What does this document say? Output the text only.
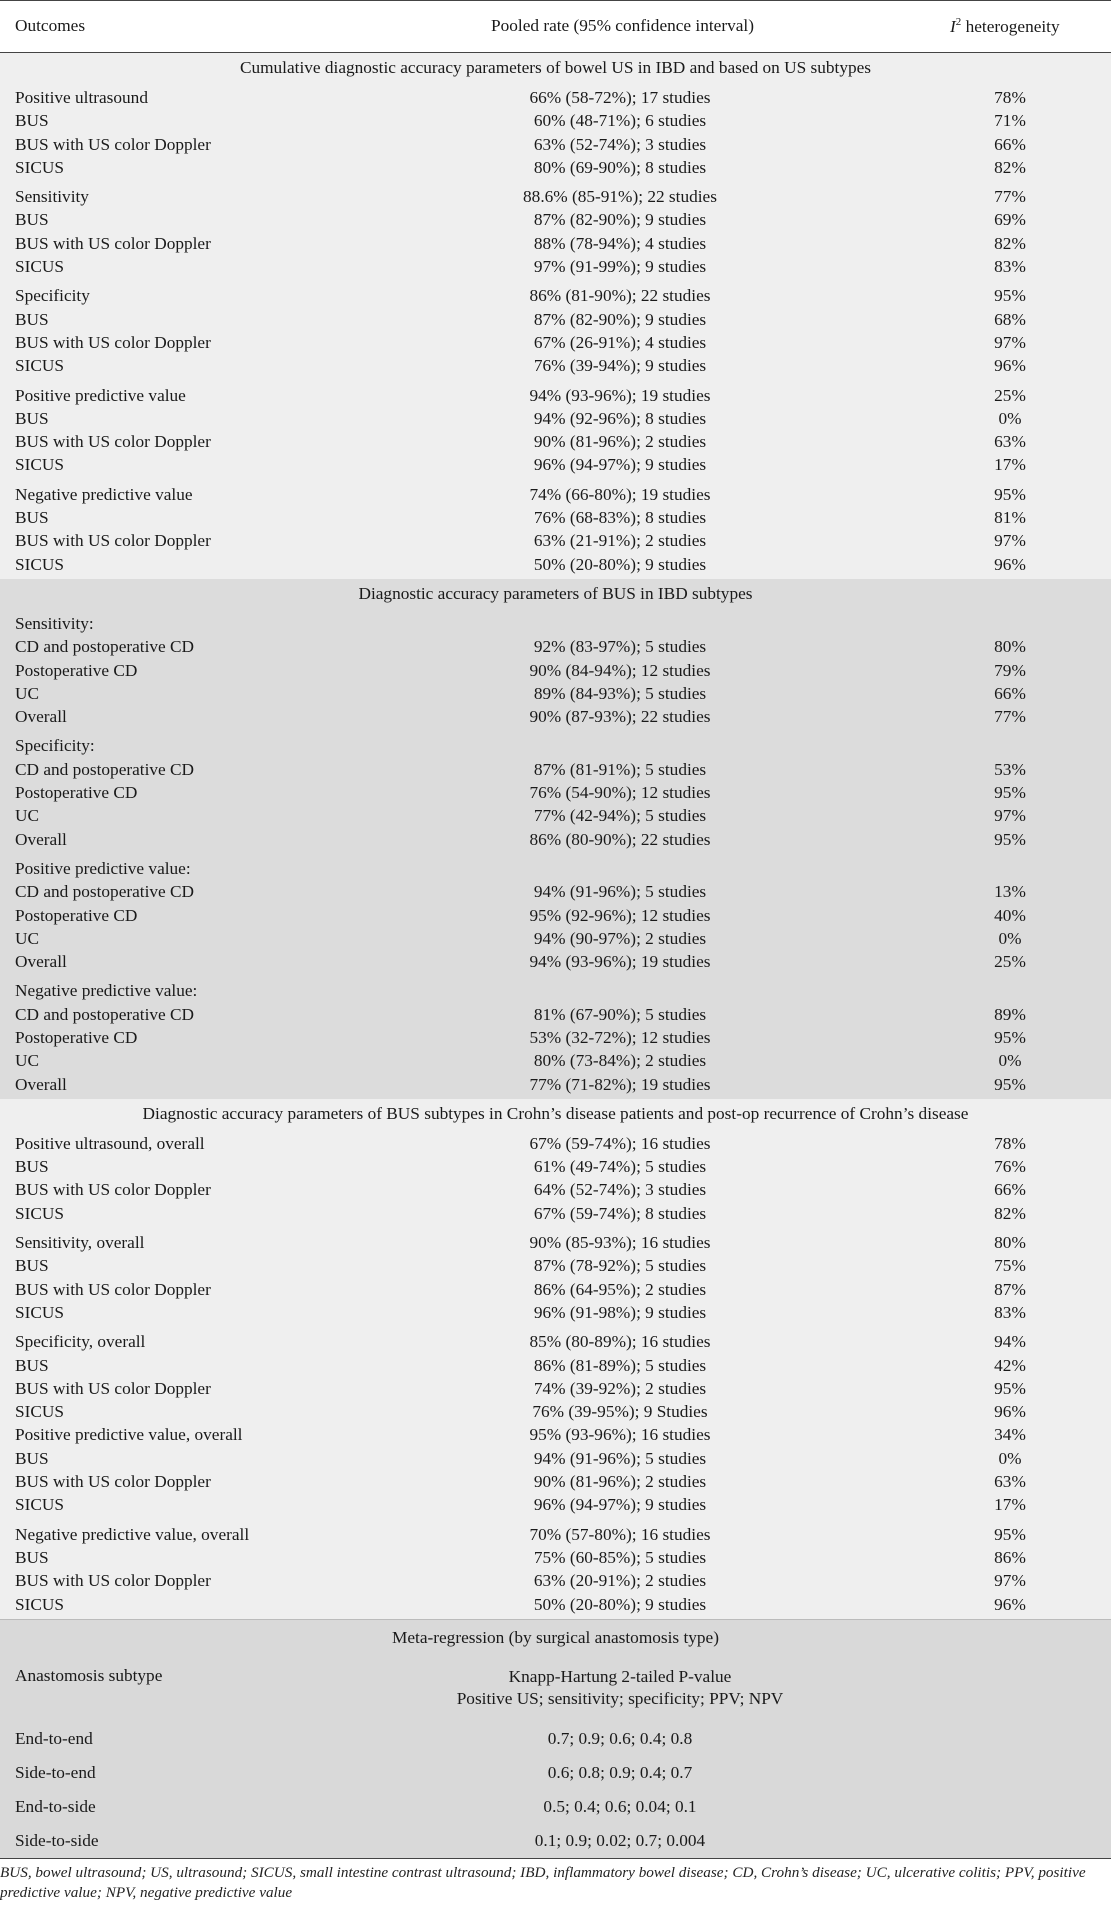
Outcomes	Pooled rate (95% confidence interval)	$I^2$ heterogeneity
Cumulative diagnostic accuracy parameters of bowel US in IBD and based on US subtypes
Positive ultrasound	66% (58-72%); 17 studies	78%
BUS	60% (48-71%); 6 studies	71%
BUS with US color Doppler	63% (52-74%); 3 studies	66%
SICUS	80% (69-90%); 8 studies	82%
Sensitivity	88.6% (85-91%); 22 studies	77%
BUS	87% (82-90%); 9 studies	69%
BUS with US color Doppler	88% (78-94%); 4 studies	82%
SICUS	97% (91-99%); 9 studies	83%
Specificity	86% (81-90%); 22 studies	95%
BUS	87% (82-90%); 9 studies	68%
BUS with US color Doppler	67% (26-91%); 4 studies	97%
SICUS	76% (39-94%); 9 studies	96%
Positive predictive value	94% (93-96%); 19 studies	25%
BUS	94% (92-96%); 8 studies	0%
BUS with US color Doppler	90% (81-96%); 2 studies	63%
SICUS	96% (94-97%); 9 studies	17%
Negative predictive value	74% (66-80%); 19 studies	95%
BUS	76% (68-83%); 8 studies	81%
BUS with US color Doppler	63% (21-91%); 2 studies	97%
SICUS	50% (20-80%); 9 studies	96%
Diagnostic accuracy parameters of BUS in IBD subtypes
Sensitivity:
CD and postoperative CD	92% (83-97%); 5 studies	80%
Postoperative CD	90% (84-94%); 12 studies	79%
UC	89% (84-93%); 5 studies	66%
Overall	90% (87-93%); 22 studies	77%
Specificity:
CD and postoperative CD	87% (81-91%); 5 studies	53%
Postoperative CD	76% (54-90%); 12 studies	95%
UC	77% (42-94%); 5 studies	97%
Overall	86% (80-90%); 22 studies	95%
Positive predictive value:
CD and postoperative CD	94% (91-96%); 5 studies	13%
Postoperative CD	95% (92-96%); 12 studies	40%
UC	94% (90-97%); 2 studies	0%
Overall	94% (93-96%); 19 studies	25%
Negative predictive value:
CD and postoperative CD	81% (67-90%); 5 studies	89%
Postoperative CD	53% (32-72%); 12 studies	95%
UC	80% (73-84%); 2 studies	0%
Overall	77% (71-82%); 19 studies	95%
Diagnostic accuracy parameters of BUS subtypes in Crohn’s disease patients and post-op recurrence of Crohn’s disease
Positive ultrasound, overall	67% (59-74%); 16 studies	78%
BUS	61% (49-74%); 5 studies	76%
BUS with US color Doppler	64% (52-74%); 3 studies	66%
SICUS	67% (59-74%); 8 studies	82%
Sensitivity, overall	90% (85-93%); 16 studies	80%
BUS	87% (78-92%); 5 studies	75%
BUS with US color Doppler	86% (64-95%); 2 studies	87%
SICUS	96% (91-98%); 9 studies	83%
Specificity, overall	85% (80-89%); 16 studies	94%
BUS	86% (81-89%); 5 studies	42%
BUS with US color Doppler	74% (39-92%); 2 studies	95%
SICUS	76% (39-95%); 9 Studies	96%
Positive predictive value, overall	95% (93-96%); 16 studies	34%
BUS	94% (91-96%); 5 studies	0%
BUS with US color Doppler	90% (81-96%); 2 studies	63%
SICUS	96% (94-97%); 9 studies	17%
Negative predictive value, overall	70% (57-80%); 16 studies	95%
BUS	75% (60-85%); 5 studies	86%
BUS with US color Doppler	63% (20-91%); 2 studies	97%
SICUS	50% (20-80%); 9 studies	96%
Meta-regression (by surgical anastomosis type)
Anastomosis subtype	Knapp-Hartung 2-tailed P-value
Positive US; sensitivity; specificity; PPV; NPV
End-to-end	0.7; 0.9; 0.6; 0.4; 0.8
Side-to-end	0.6; 0.8; 0.9; 0.4; 0.7
End-to-side	0.5; 0.4; 0.6; 0.04; 0.1
Side-to-side	0.1; 0.9; 0.02; 0.7; 0.004
BUS, bowel ultrasound; US, ultrasound; SICUS, small intestine contrast ultrasound; IBD, inflammatory bowel disease; CD, Crohn’s disease; UC, ulcerative colitis; PPV, positive predictive value; NPV, negative predictive value
